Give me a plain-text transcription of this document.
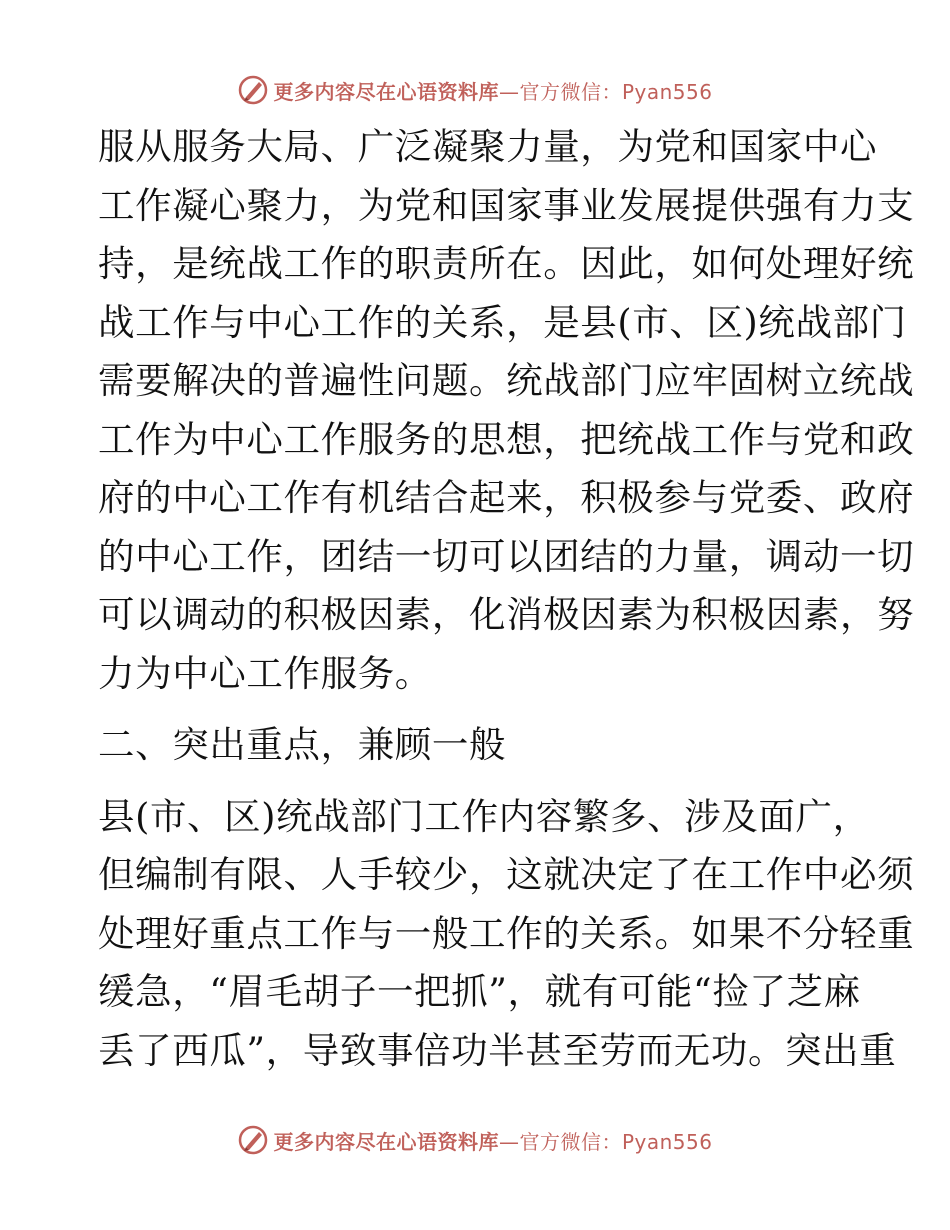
更多内容尽在心语资料库—官方微信：Pyan556
服从服务大局、广泛凝聚力量，为党和国家中心
工作凝心聚力，为党和国家事业发展提供强有力支
持，是统战工作的职责所在。因此，如何处理好统
战工作与中心工作的关系，是县(市、区)统战部门
需要解决的普遍性问题。统战部门应牢固树立统战
工作为中心工作服务的思想，把统战工作与党和政
府的中心工作有机结合起来，积极参与党委、政府
的中心工作，团结一切可以团结的力量，调动一切
可以调动的积极因素，化消极因素为积极因素，努
力为中心工作服务。
二、突出重点，兼顾一般
县(市、区)统战部门工作内容繁多、涉及面广，
但编制有限、人手较少，这就决定了在工作中必须
处理好重点工作与一般工作的关系。如果不分轻重
缓急，“眉毛胡子一把抓”，就有可能“捡了芝麻
丢了西瓜”，导致事倍功半甚至劳而无功。突出重
更多内容尽在心语资料库—官方微信：Pyan556
